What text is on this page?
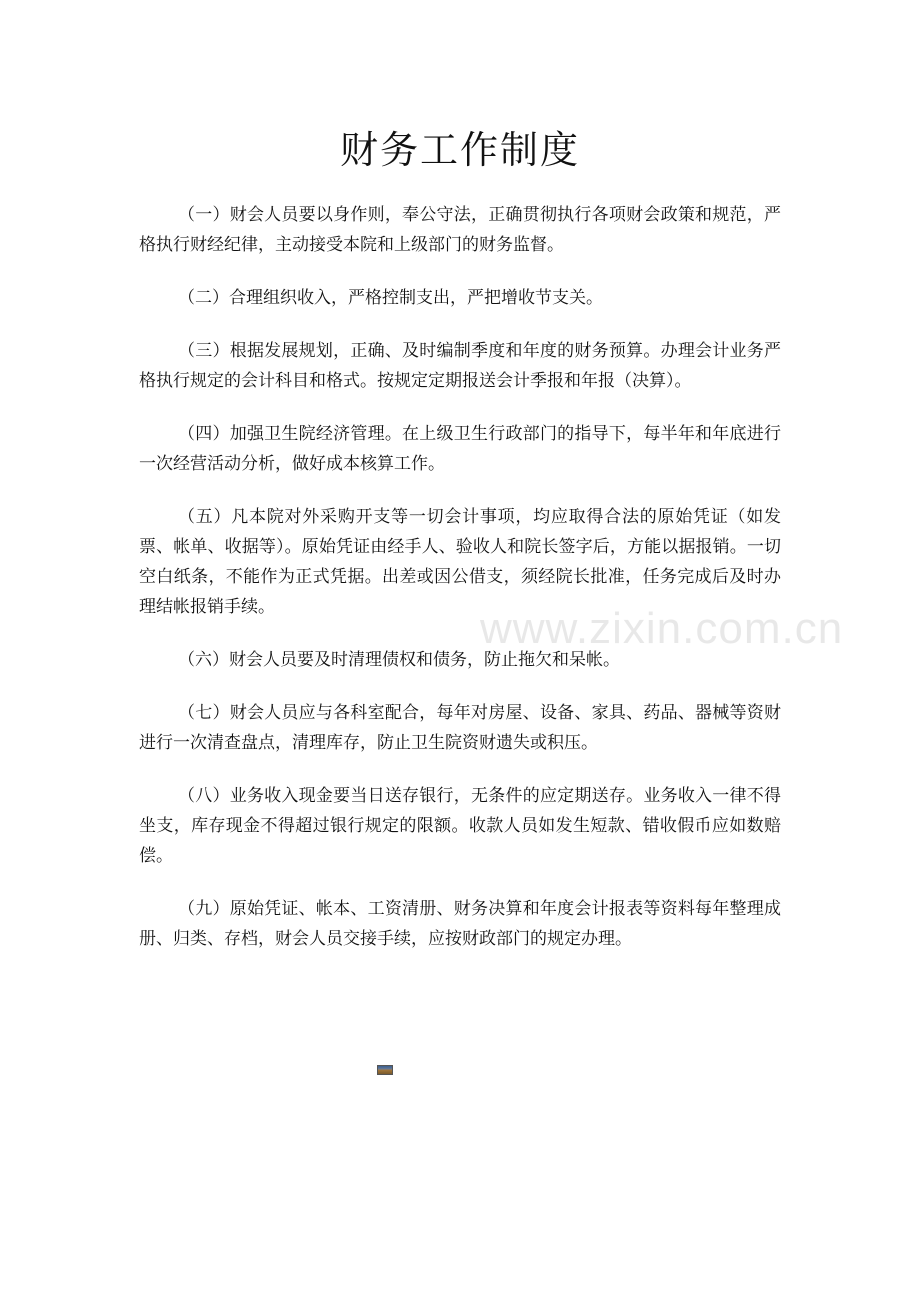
财务工作制度

（一）财会人员要以身作则，奉公守法，正确贯彻执行各项财会政策和规范，严格执行财经纪律，主动接受本院和上级部门的财务监督。

（二）合理组织收入，严格控制支出，严把增收节支关。

（三）根据发展规划，正确、及时编制季度和年度的财务预算。办理会计业务严格执行规定的会计科目和格式。按规定定期报送会计季报和年报（决算）。

（四）加强卫生院经济管理。在上级卫生行政部门的指导下，每半年和年底进行一次经营活动分析，做好成本核算工作。

（五）凡本院对外采购开支等一切会计事项，均应取得合法的原始凭证（如发票、帐单、收据等）。原始凭证由经手人、验收人和院长签字后，方能以据报销。一切空白纸条，不能作为正式凭据。出差或因公借支，须经院长批准，任务完成后及时办理结帐报销手续。

（六）财会人员要及时清理债权和债务，防止拖欠和呆帐。

（七）财会人员应与各科室配合，每年对房屋、设备、家具、药品、器械等资财进行一次清查盘点，清理库存，防止卫生院资财遗失或积压。

（八）业务收入现金要当日送存银行，无条件的应定期送存。业务收入一律不得坐支，库存现金不得超过银行规定的限额。收款人员如发生短款、错收假币应如数赔偿。

（九）原始凭证、帐本、工资清册、财务决算和年度会计报表等资料每年整理成册、归类、存档，财会人员交接手续，应按财政部门的规定办理。

www.zixin.com.cn
